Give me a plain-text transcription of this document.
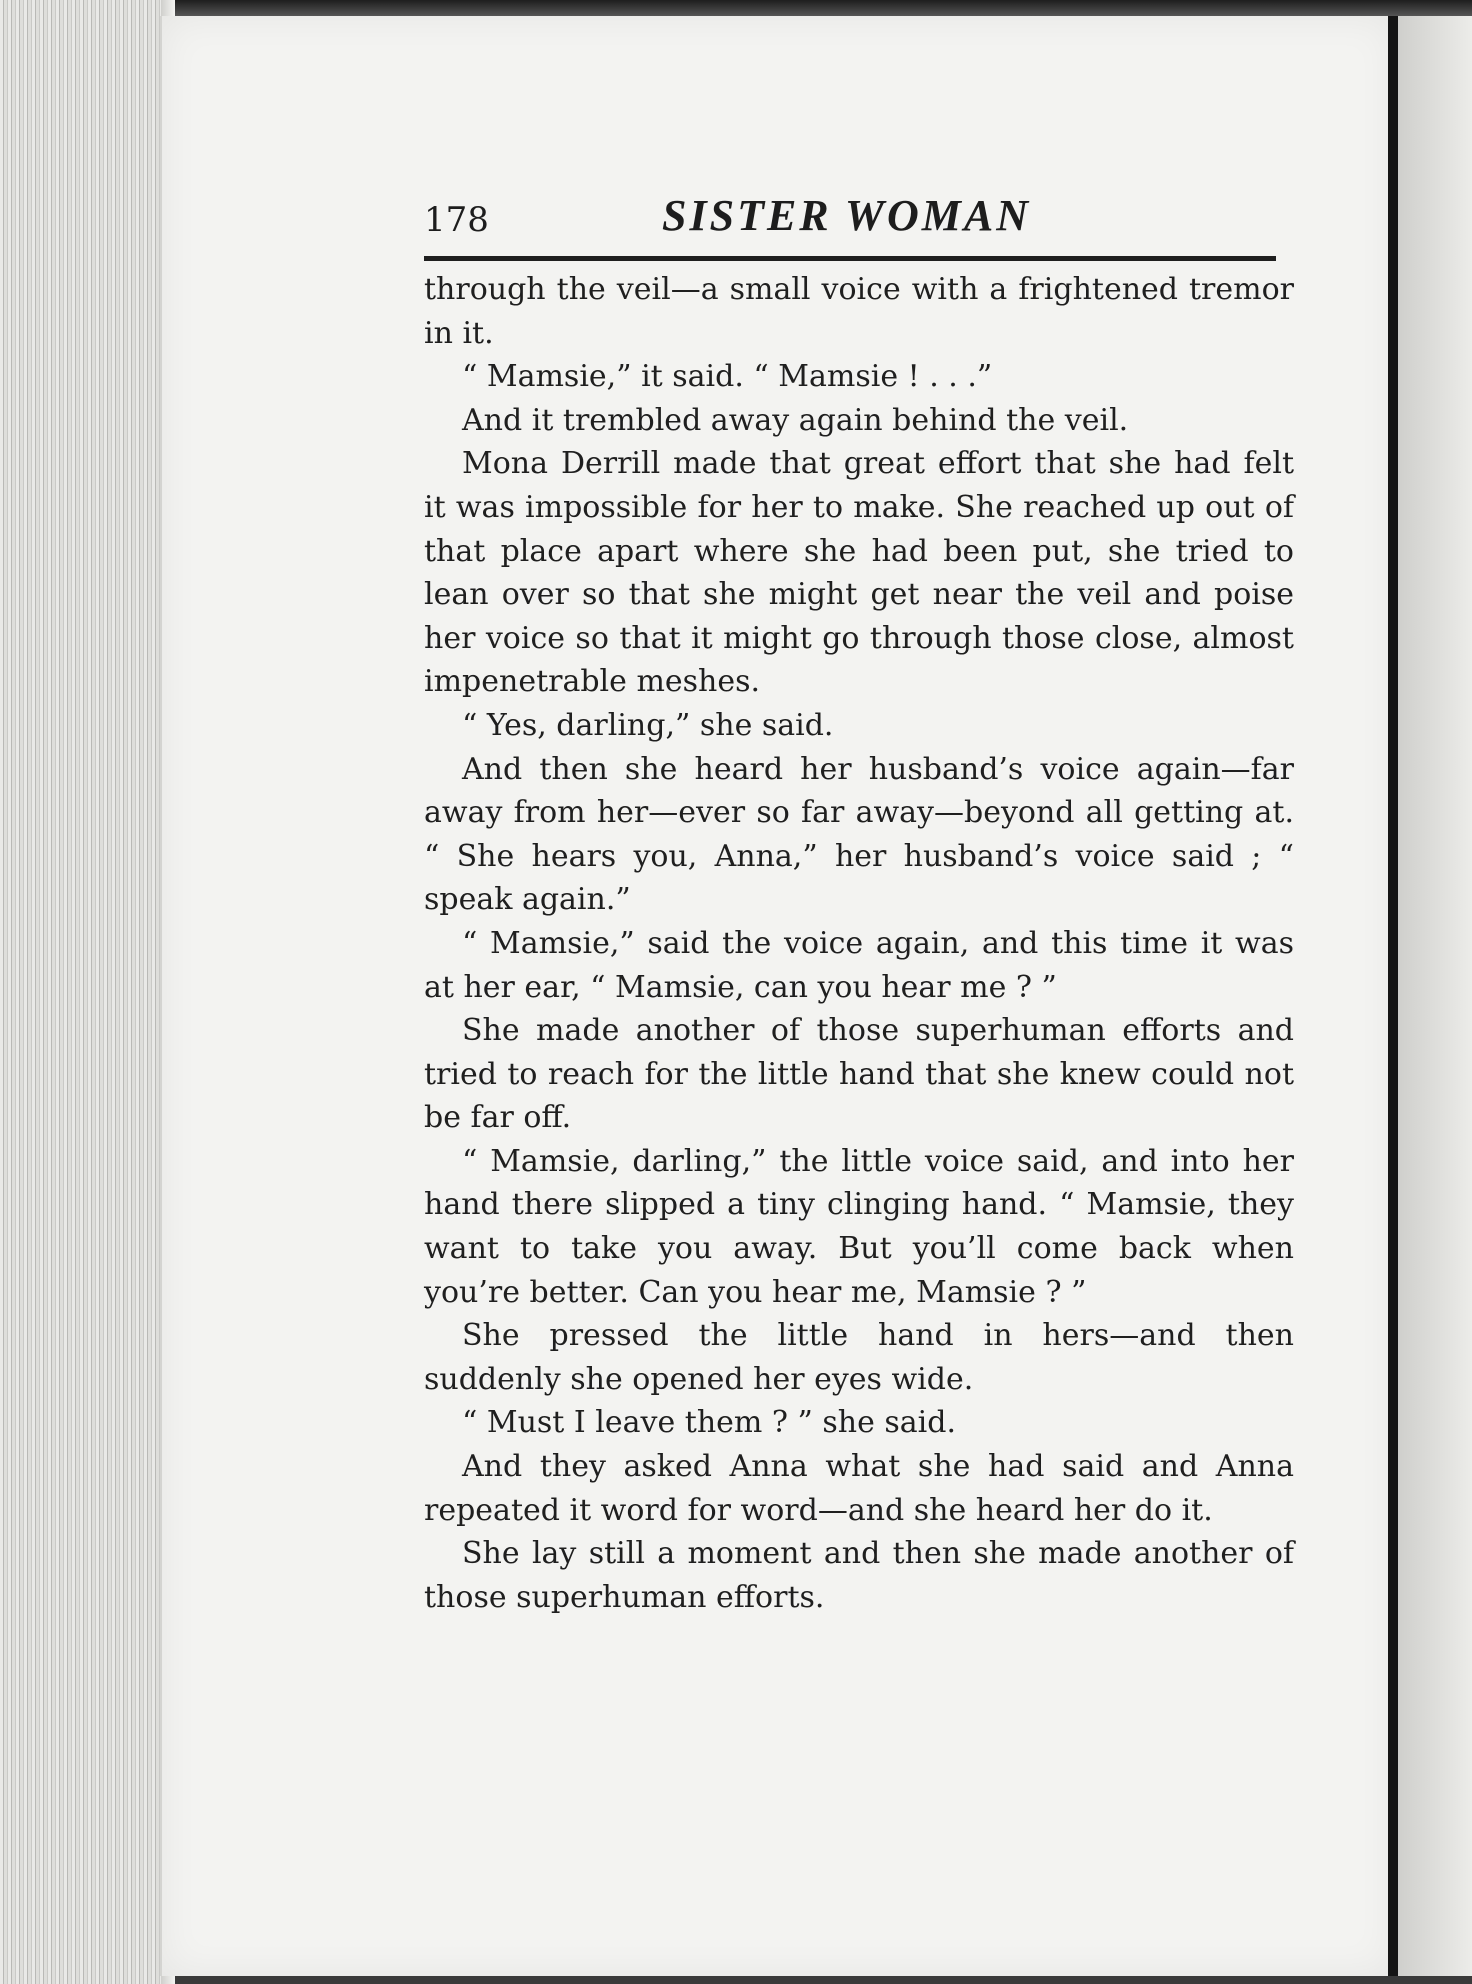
178	SISTER WOMAN

through the veil—a small voice with a frightened tremor in it.

“ Mamsie,” it said. “ Mamsie ! . . .”

And it trembled away again behind the veil.

Mona Derrill made that great effort that she had felt it was impossible for her to make. She reached up out of that place apart where she had been put, she tried to lean over so that she might get near the veil and poise her voice so that it might go through those close, almost impenetrable meshes.

“ Yes, darling,” she said.

And then she heard her husband’s voice again—far away from her—ever so far away—beyond all getting at. “ She hears you, Anna,” her husband’s voice said ; “ speak again.”

“ Mamsie,” said the voice again, and this time it was at her ear, “ Mamsie, can you hear me ? ”

She made another of those superhuman efforts and tried to reach for the little hand that she knew could not be far off.

“ Mamsie, darling,” the little voice said, and into her hand there slipped a tiny clinging hand. “ Mamsie, they want to take you away. But you’ll come back when you’re better. Can you hear me, Mamsie ? ”

She pressed the little hand in hers—and then suddenly she opened her eyes wide.

“ Must I leave them ? ” she said.

And they asked Anna what she had said and Anna repeated it word for word—and she heard her do it.

She lay still a moment and then she made another of those superhuman efforts.
